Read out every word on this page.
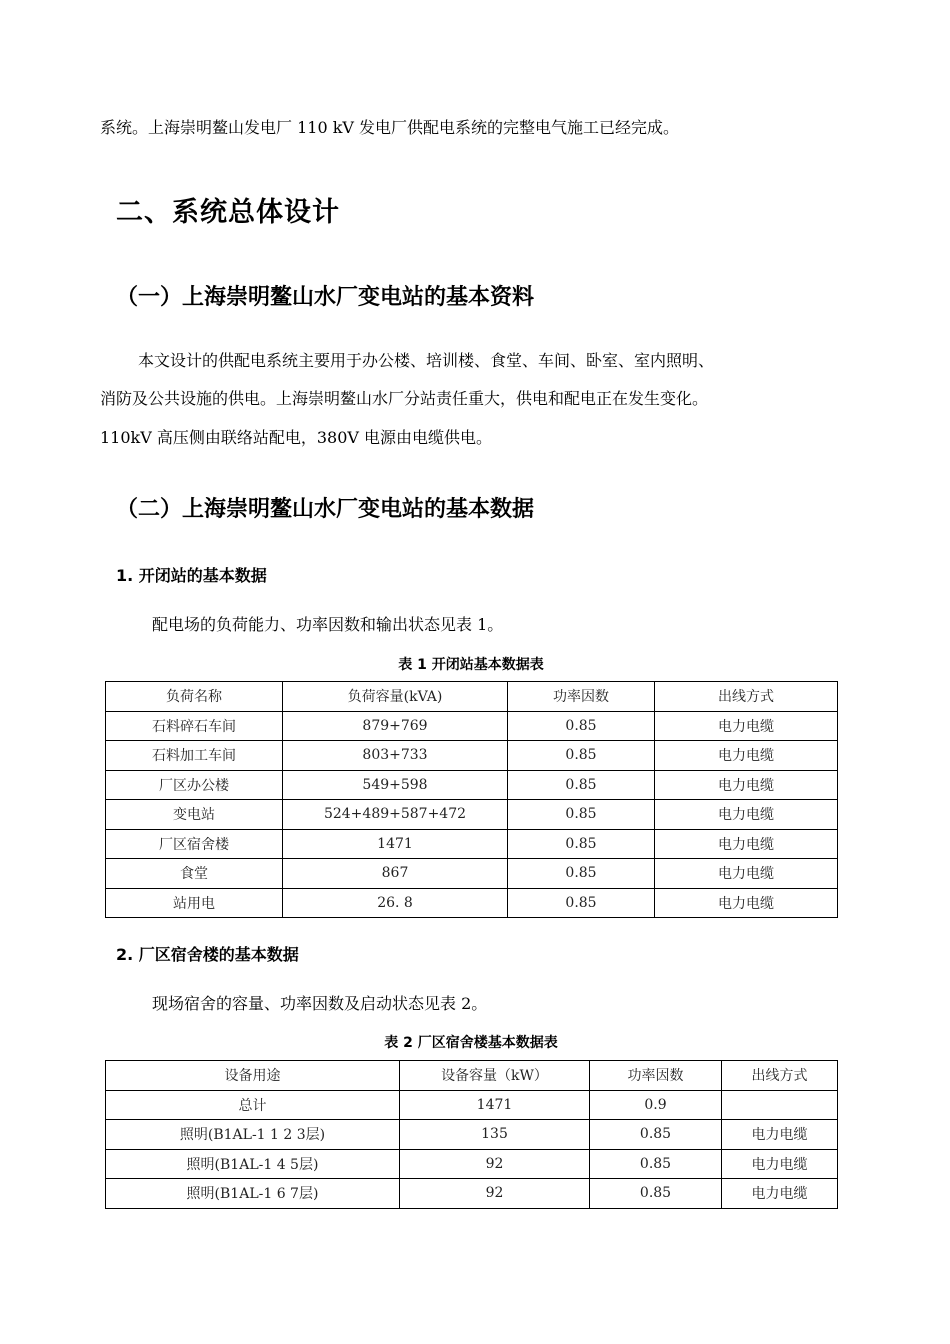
系统。上海崇明鳌山发电厂 110 kV 发电厂供配电系统的完整电气施工已经完成。
二、系统总体设计
（一）上海崇明鳌山水厂变电站的基本资料
本文设计的供配电系统主要用于办公楼、培训楼、食堂、车间、卧室、室内照明、
消防及公共设施的供电。上海崇明鳌山水厂分站责任重大，供电和配电正在发生变化。
110kV 高压侧由联络站配电，380V 电源由电缆供电。
（二）上海崇明鳌山水厂变电站的基本数据
1. 开闭站的基本数据
配电场的负荷能力、功率因数和输出状态见表 1。
表 1 开闭站基本数据表
负荷名称	负荷容量(kVA)	功率因数	出线方式
石料碎石车间	879+769	0.85	电力电缆
石料加工车间	803+733	0.85	电力电缆
厂区办公楼	549+598	0.85	电力电缆
变电站	524+489+587+472	0.85	电力电缆
厂区宿舍楼	1471	0.85	电力电缆
食堂	867	0.85	电力电缆
站用电	26. 8	0.85	电力电缆
2. 厂区宿舍楼的基本数据
现场宿舍的容量、功率因数及启动状态见表 2。
表 2 厂区宿舍楼基本数据表
设备用途	设备容量（kW）	功率因数	出线方式
总计	1471	0.9	
照明(B1AL-1 1 2 3层)	135	0.85	电力电缆
照明(B1AL-1 4 5层)	92	0.85	电力电缆
照明(B1AL-1 6 7层)	92	0.85	电力电缆
